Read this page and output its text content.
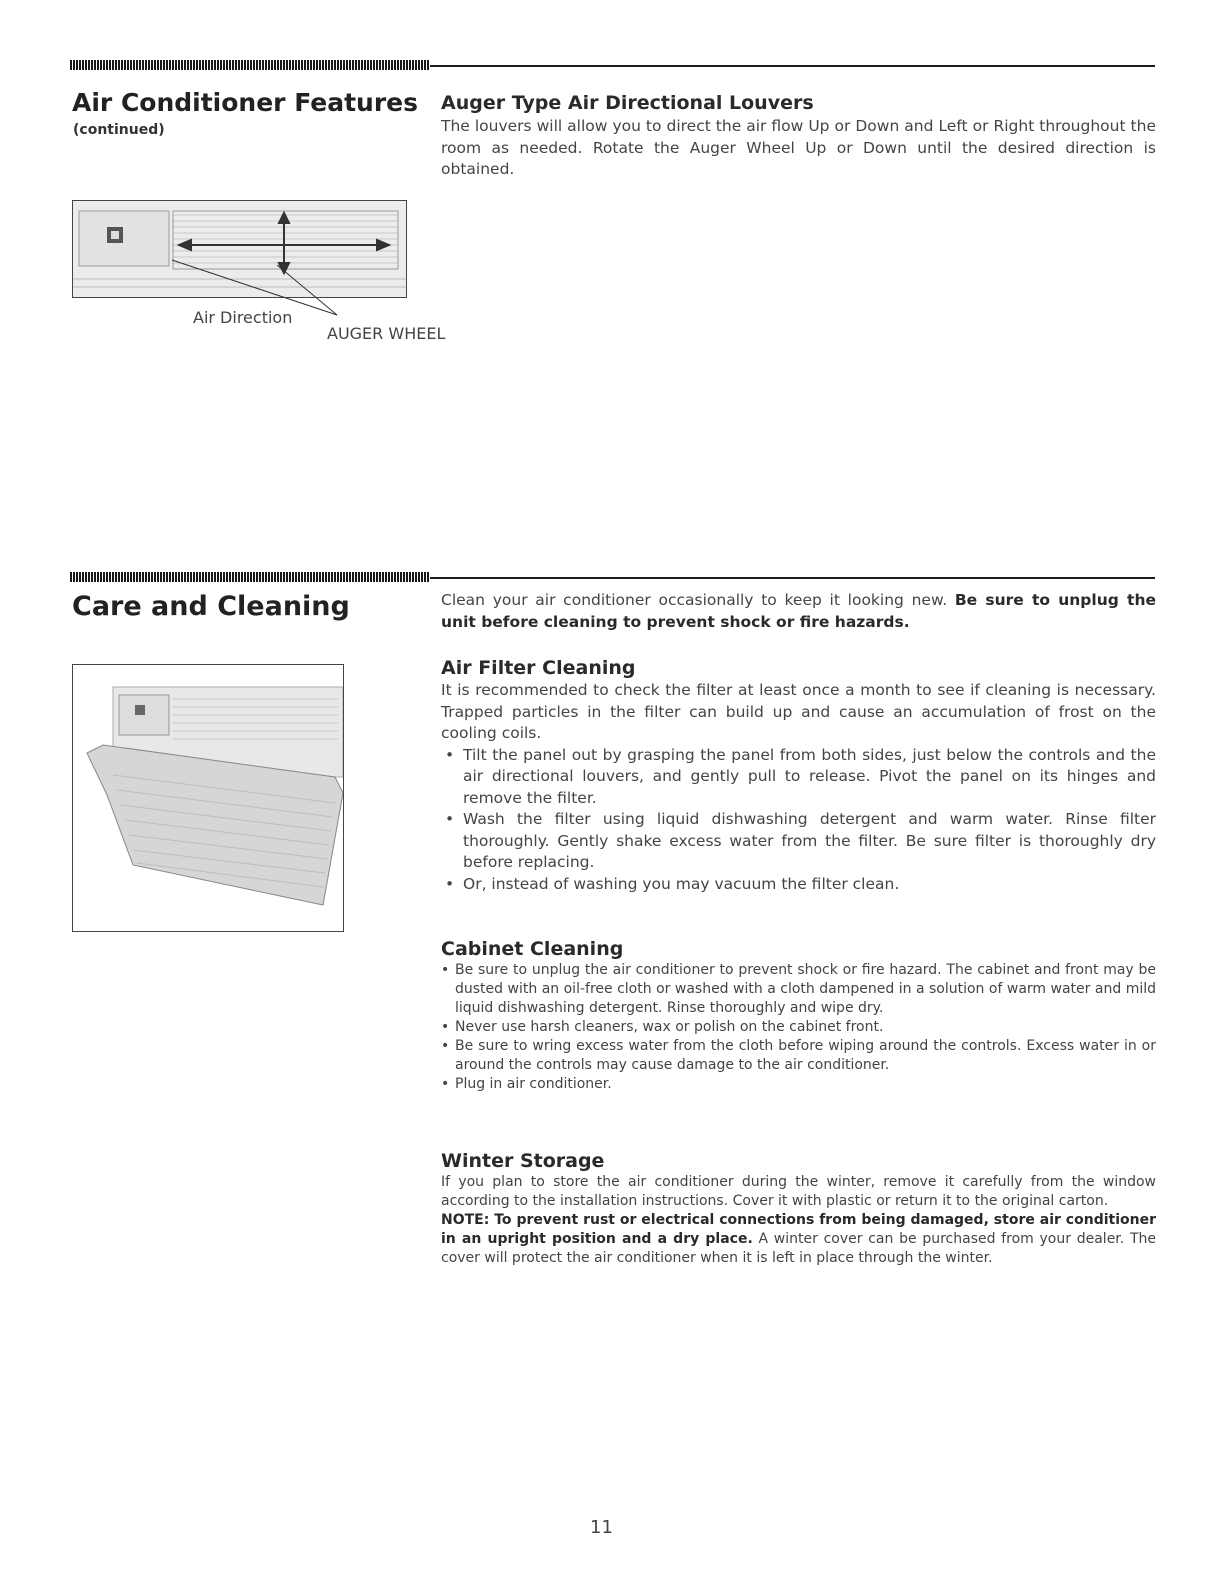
Air Conditioner Features
(continued)

Auger Type Air Directional Louvers

The louvers will allow you to direct the air flow Up or Down and Left or Right throughout the room as needed. Rotate the Auger Wheel Up or Down until the desired direction is obtained.

Air Direction
AUGER WHEEL
Care and Cleaning	Clean your air conditioner occasionally to keep it looking new. Be sure to unplug the unit before cleaning to prevent shock or fire hazards.

Air Filter Cleaning

It is recommended to check the filter at least once a month to see if cleaning is necessary. Trapped particles in the filter can build up and cause an accumulation of frost on the cooling coils.

• Tilt the panel out by grasping the panel from both sides, just below the controls and the air directional louvers, and gently pull to release. Pivot the panel on its hinges and remove the filter.
• Wash the filter using liquid dishwashing detergent and warm water. Rinse filter thoroughly. Gently shake excess water from the filter. Be sure filter is thoroughly dry before replacing.
• Or, instead of washing you may vacuum the filter clean.

Cabinet Cleaning

• Be sure to unplug the air conditioner to prevent shock or fire hazard. The cabinet and front may be dusted with an oil-free cloth or washed with a cloth dampened in a solution of warm water and mild liquid dishwashing detergent. Rinse thoroughly and wipe dry.
• Never use harsh cleaners, wax or polish on the cabinet front.
• Be sure to wring excess water from the cloth before wiping around the controls. Excess water in or around the controls may cause damage to the air conditioner.
• Plug in air conditioner.

Winter Storage

If you plan to store the air conditioner during the winter, remove it carefully from the window according to the installation instructions. Cover it with plastic or return it to the original carton.

NOTE: To prevent rust or electrical connections from being damaged, store air conditioner in an upright position and a dry place. A winter cover can be purchased from your dealer. The cover will protect the air conditioner when it is left in place through the winter.

11
